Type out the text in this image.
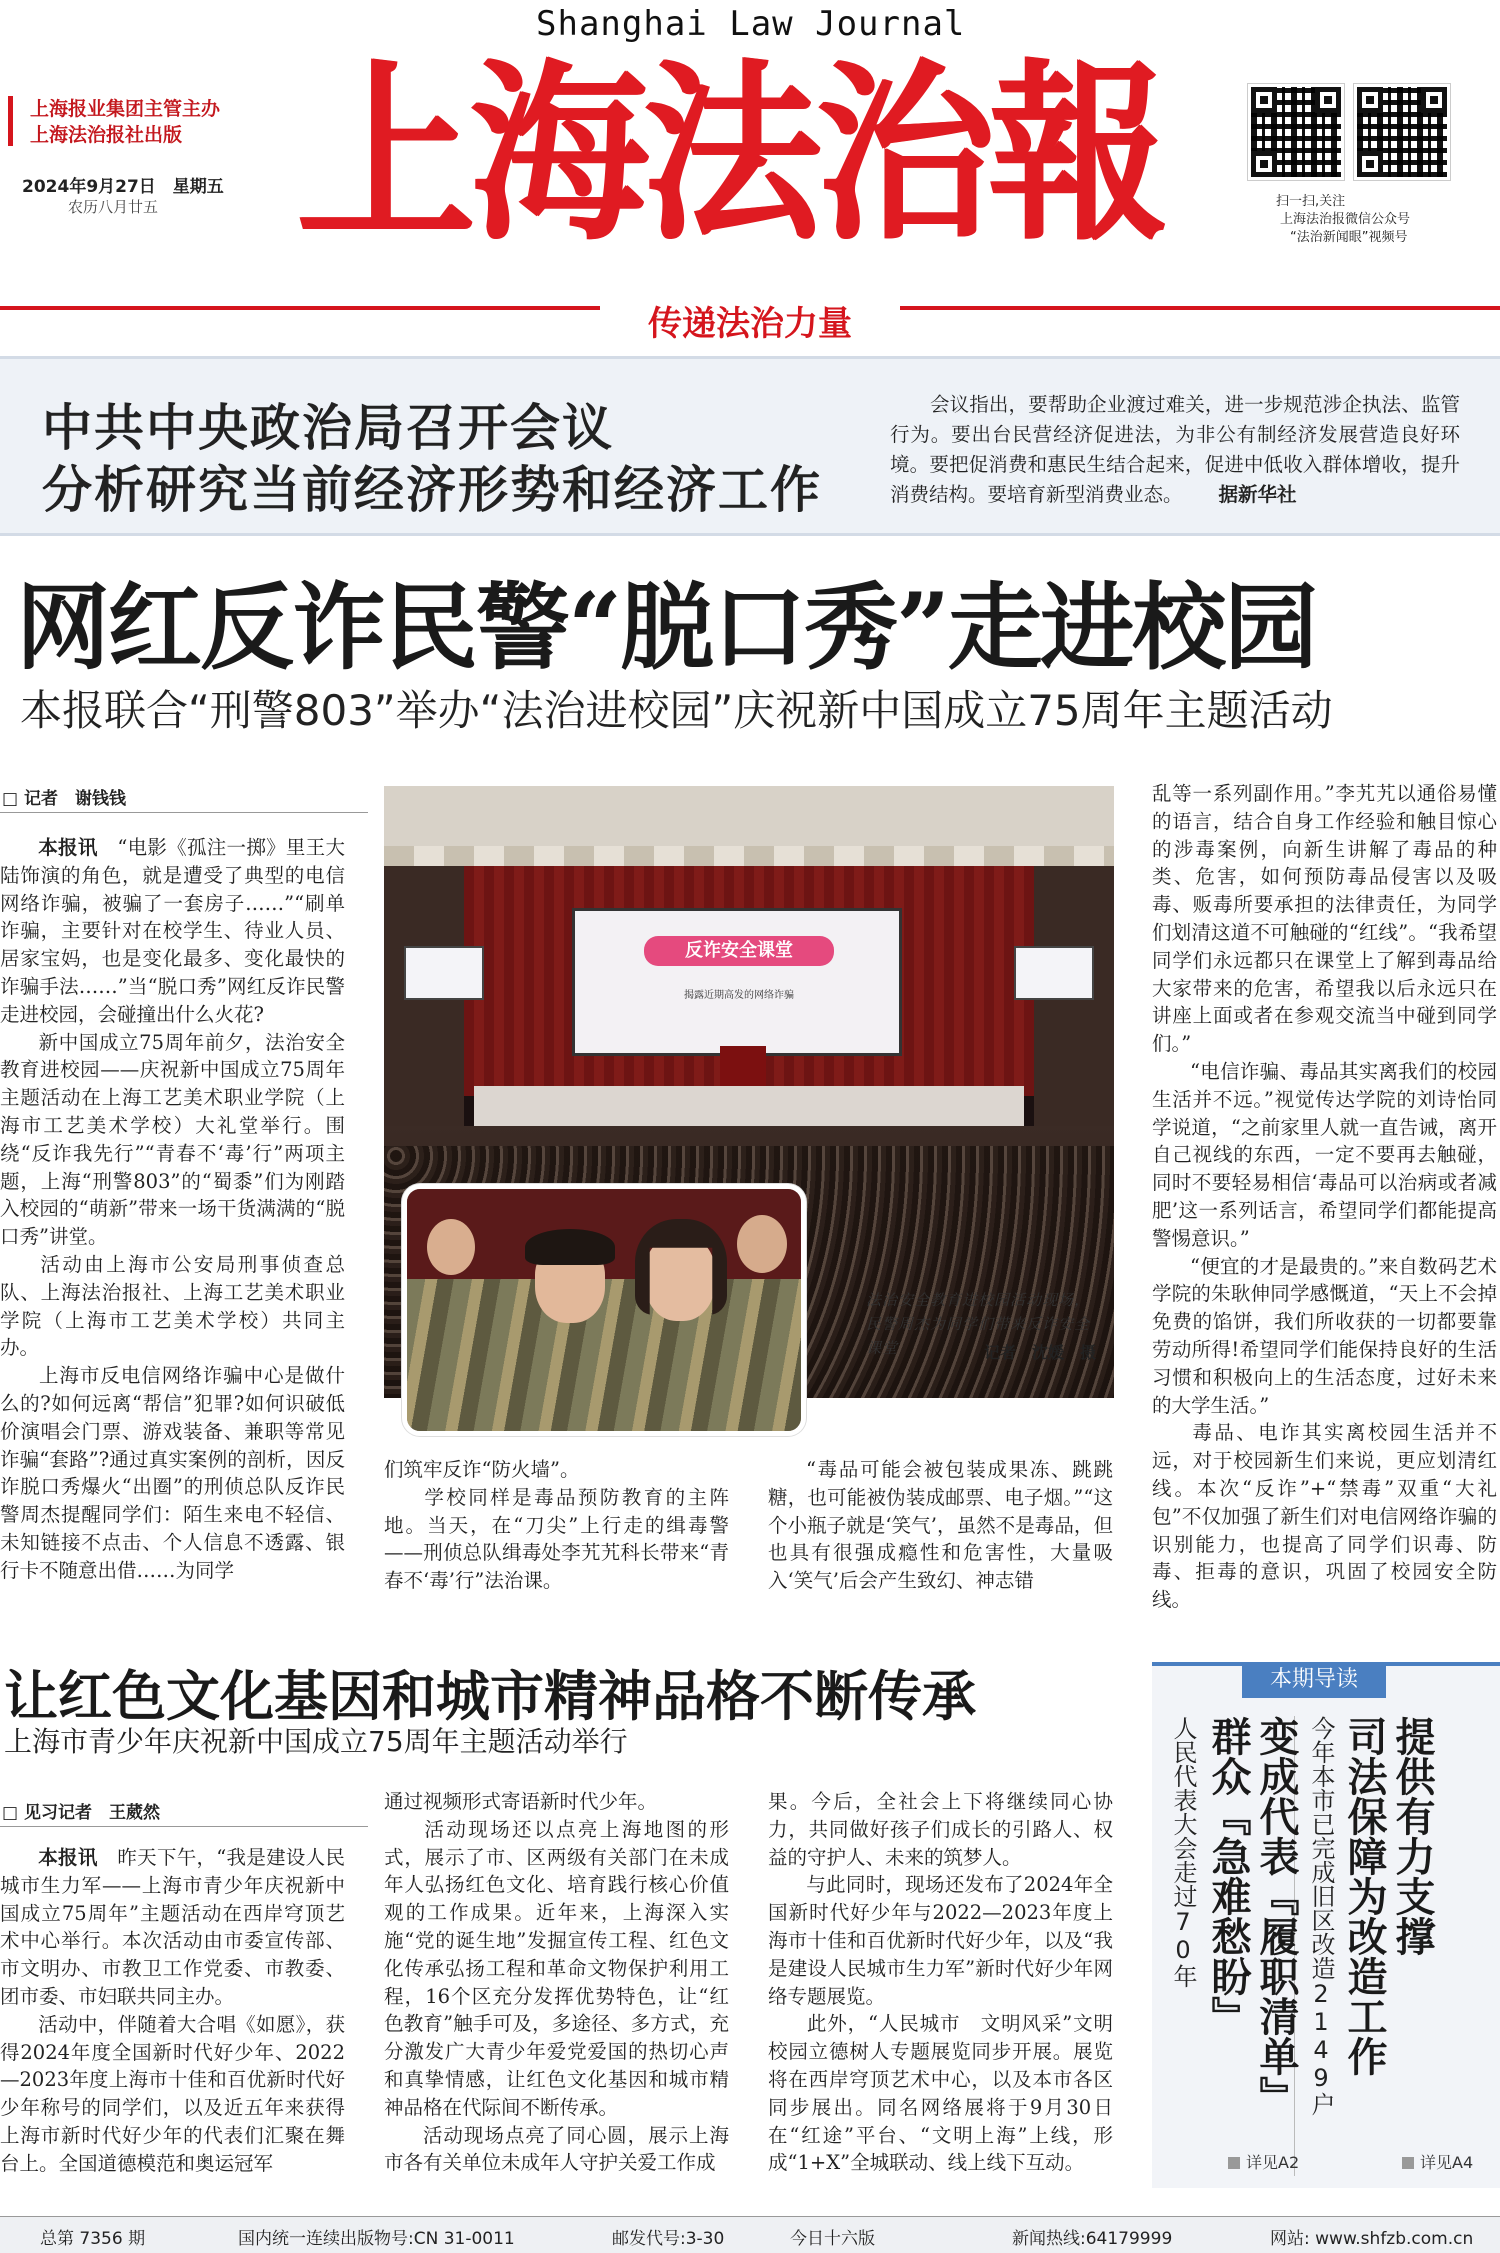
Shanghai Law Journal
上海报业集团主管主办
上海法治报社出版
2024年9月27日　星期五
农历八月廿五 上海法治報	扫一扫,关注
上海法治报微信公众号
“法治新闻眼”视频号
传递法治力量
中共中央政治局召开会议
分析研究当前经济形势和经济工作
会议指出，要帮助企业渡过难关，进一步规范涉企执法、监管行为。要出台民营经济促进法，为非公有制经济发展营造良好环境。要把促消费和惠民生结合起来，促进中低收入群体增收，提升消费结构。要培育新型消费业态。 据新华社
网红反诈民警“脱口秀”走进校园
本报联合“刑警803”举办“法治进校园”庆祝新中国成立75周年主题活动
□ 记者　谢钱钱

本报讯　 “电影《孤注一掷》里王大陆饰演的角色，就是遭受了典型的电信网络诈骗，被骗了一套房子……”“刷单诈骗，主要针对在校学生、待业人员、居家宝妈，也是变化最多、变化最快的诈骗手法……”当“脱口秀”网红反诈民警走进校园，会碰撞出什么火花?

新中国成立75周年前夕，法治安全教育进校园——庆祝新中国成立75周年主题活动在上海工艺美术职业学院（上海市工艺美术学校）大礼堂举行。围绕“反诈我先行”“青春不‘毒’行”两项主题，上海“刑警803”的“蜀黍”们为刚踏入校园的“萌新”带来一场干货满满的“脱口秀”讲堂。

活动由上海市公安局刑事侦查总队、上海法治报社、上海工艺美术职业学院（上海市工艺美术学校）共同主办。

上海市反电信网络诈骗中心是做什么的?如何远离“帮信”犯罪?如何识破低价演唱会门票、游戏装备、兼职等常见诈骗“套路”?通过真实案例的剖析，因反诈脱口秀爆火“出圈”的刑侦总队反诈民警周杰提醒同学们：陌生来电不轻信、未知链接不点击、个人信息不透露、银行卡不随意出借……为同学

反诈安全课堂
揭露近期高发的网络诈骗
法治安全教育进校园活动现场，民警周杰为同学们带来反诈安全课堂	记者　沈媛　摄

们筑牢反诈“防火墙”。

学校同样是毒品预防教育的主阵地。当天，在“刀尖”上行走的缉毒警——刑侦总队缉毒处李艽艽科长带来“青春不‘毒’行”法治课。

“毒品可能会被包装成果冻、跳跳糖，也可能被伪装成邮票、电子烟。”“这个小瓶子就是‘笑气’，虽然不是毒品，但也具有很强成瘾性和危害性，大量吸入‘笑气’后会产生致幻、神志错

乱等一系列副作用。”李艽艽以通俗易懂的语言，结合自身工作经验和触目惊心的涉毒案例，向新生讲解了毒品的种类、危害，如何预防毒品侵害以及吸毒、贩毒所要承担的法律责任，为同学们划清这道不可触碰的“红线”。“我希望同学们永远都只在课堂上了解到毒品给大家带来的危害，希望我以后永远只在讲座上面或者在参观交流当中碰到同学们。”

“电信诈骗、毒品其实离我们的校园生活并不远。”视觉传达学院的刘诗怡同学说道，“之前家里人就一直告诫，离开自己视线的东西，一定不要再去触碰，同时不要轻易相信‘毒品可以治病或者减肥’这一系列话言，希望同学们都能提高警惕意识。”

“便宜的才是最贵的。”来自数码艺术学院的朱耿伸同学感慨道，“天上不会掉免费的馅饼，我们所收获的一切都要靠劳动所得!希望同学们能保持良好的生活习惯和积极向上的生活态度，过好未来的大学生活。”

毒品、电诈其实离校园生活并不远，对于校园新生们来说，更应划清红线。本次“反诈”+“禁毒”双重“大礼包”不仅加强了新生们对电信网络诈骗的识别能力，也提高了同学们识毒、防毒、拒毒的意识，巩固了校园安全防线。

让红色文化基因和城市精神品格不断传承
上海市青少年庆祝新中国成立75周年主题活动举行
□ 见习记者　王葳然

本报讯　 昨天下午，“我是建设人民城市生力军——上海市青少年庆祝新中国成立75周年”主题活动在西岸穹顶艺术中心举行。本次活动由市委宣传部、市文明办、市教卫工作党委、市教委、团市委、市妇联共同主办。

活动中，伴随着大合唱《如愿》，获得2024年度全国新时代好少年、2022—2023年度上海市十佳和百优新时代好少年称号的同学们，以及近五年来获得上海市新时代好少年的代表们汇聚在舞台上。全国道德模范和奥运冠军

通过视频形式寄语新时代少年。

活动现场还以点亮上海地图的形式，展示了市、区两级有关部门在未成年人弘扬红色文化、培育践行核心价值观的工作成果。近年来，上海深入实施“党的诞生地”发掘宣传工程、红色文化传承弘扬工程和革命文物保护利用工程，16个区充分发挥优势特色，让“红色教育”触手可及，多途径、多方式，充分激发广大青少年爱党爱国的热切心声和真挚情感，让红色文化基因和城市精神品格在代际间不断传承。

活动现场点亮了同心圆，展示上海市各有关单位未成年人守护关爱工作成

果。今后，全社会上下将继续同心协力，共同做好孩子们成长的引路人、权益的守护人、未来的筑梦人。

与此同时，现场还发布了2024年全国新时代好少年与2022—2023年度上海市十佳和百优新时代好少年，以及“我是建设人民城市生力军”新时代好少年网络专题展览。

此外，“人民城市　文明风采”文明校园立德树人专题展览同步开展。展览将在西岸穹顶艺术中心，以及本市各区同步展出。同名网络展将于9月30日在“红途”平台、“文明上海”上线，形成“1+X”全城联动、线上线下互动。

本期导读
提供有力支撑
司法保障为改造工作
今年本市已完成旧区改造2149户
详见A4
变成代表『履职清单』
群众『急难愁盼』
人民代表大会走过70年
详见A2
总第 7356 期	国内统一连续出版物号:CN 31-0011	邮发代号:3-30	今日十六版	新闻热线:64179999	网站: www.shfzb.com.cn
